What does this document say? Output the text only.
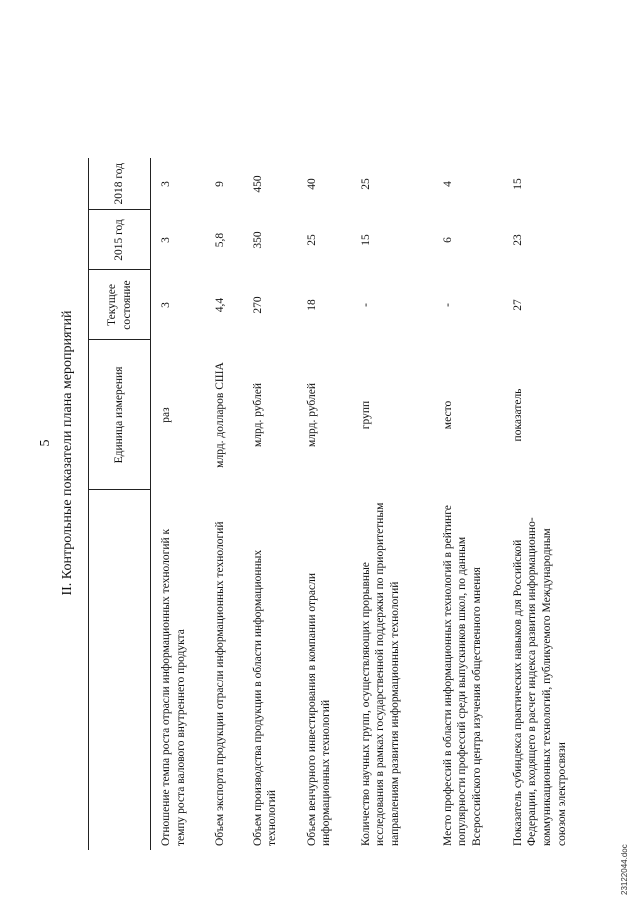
5 II. Контрольные показатели плана мероприятий
		Единица измерения	Текущее состояние	2015 год	2018 год
Отношение темпа роста отрасли информационных технологий к темпу роста валового внутреннего продукта	раз	3	3	3
Объем экспорта продукции отрасли информационных технологий	млрд. долларов США	4,4	5,8	9
Объем производства продукции в области информационных технологий	млрд. рублей	270	350	450
Объем венчурного инвестирования в компании отрасли информационных технологий	млрд. рублей	18	25	40
Количество научных групп, осуществляющих прорывные исследования в рамках государственной поддержки по приоритетным направлениям развития информационных технологий	групп	-	15	25
Место профессий в области информационных технологий в рейтинге популярности профессий среди выпускников школ, по данным Всероссийского центра изучения общественного мнения	место	-	6	4
Показатель субиндекса практических навыков для Российской Федерации, входящего в расчет индекса развития информационно-коммуникационных технологий, публикуемого Международным союзом электросвязи	показатель	27	23	15
23122044.doc
